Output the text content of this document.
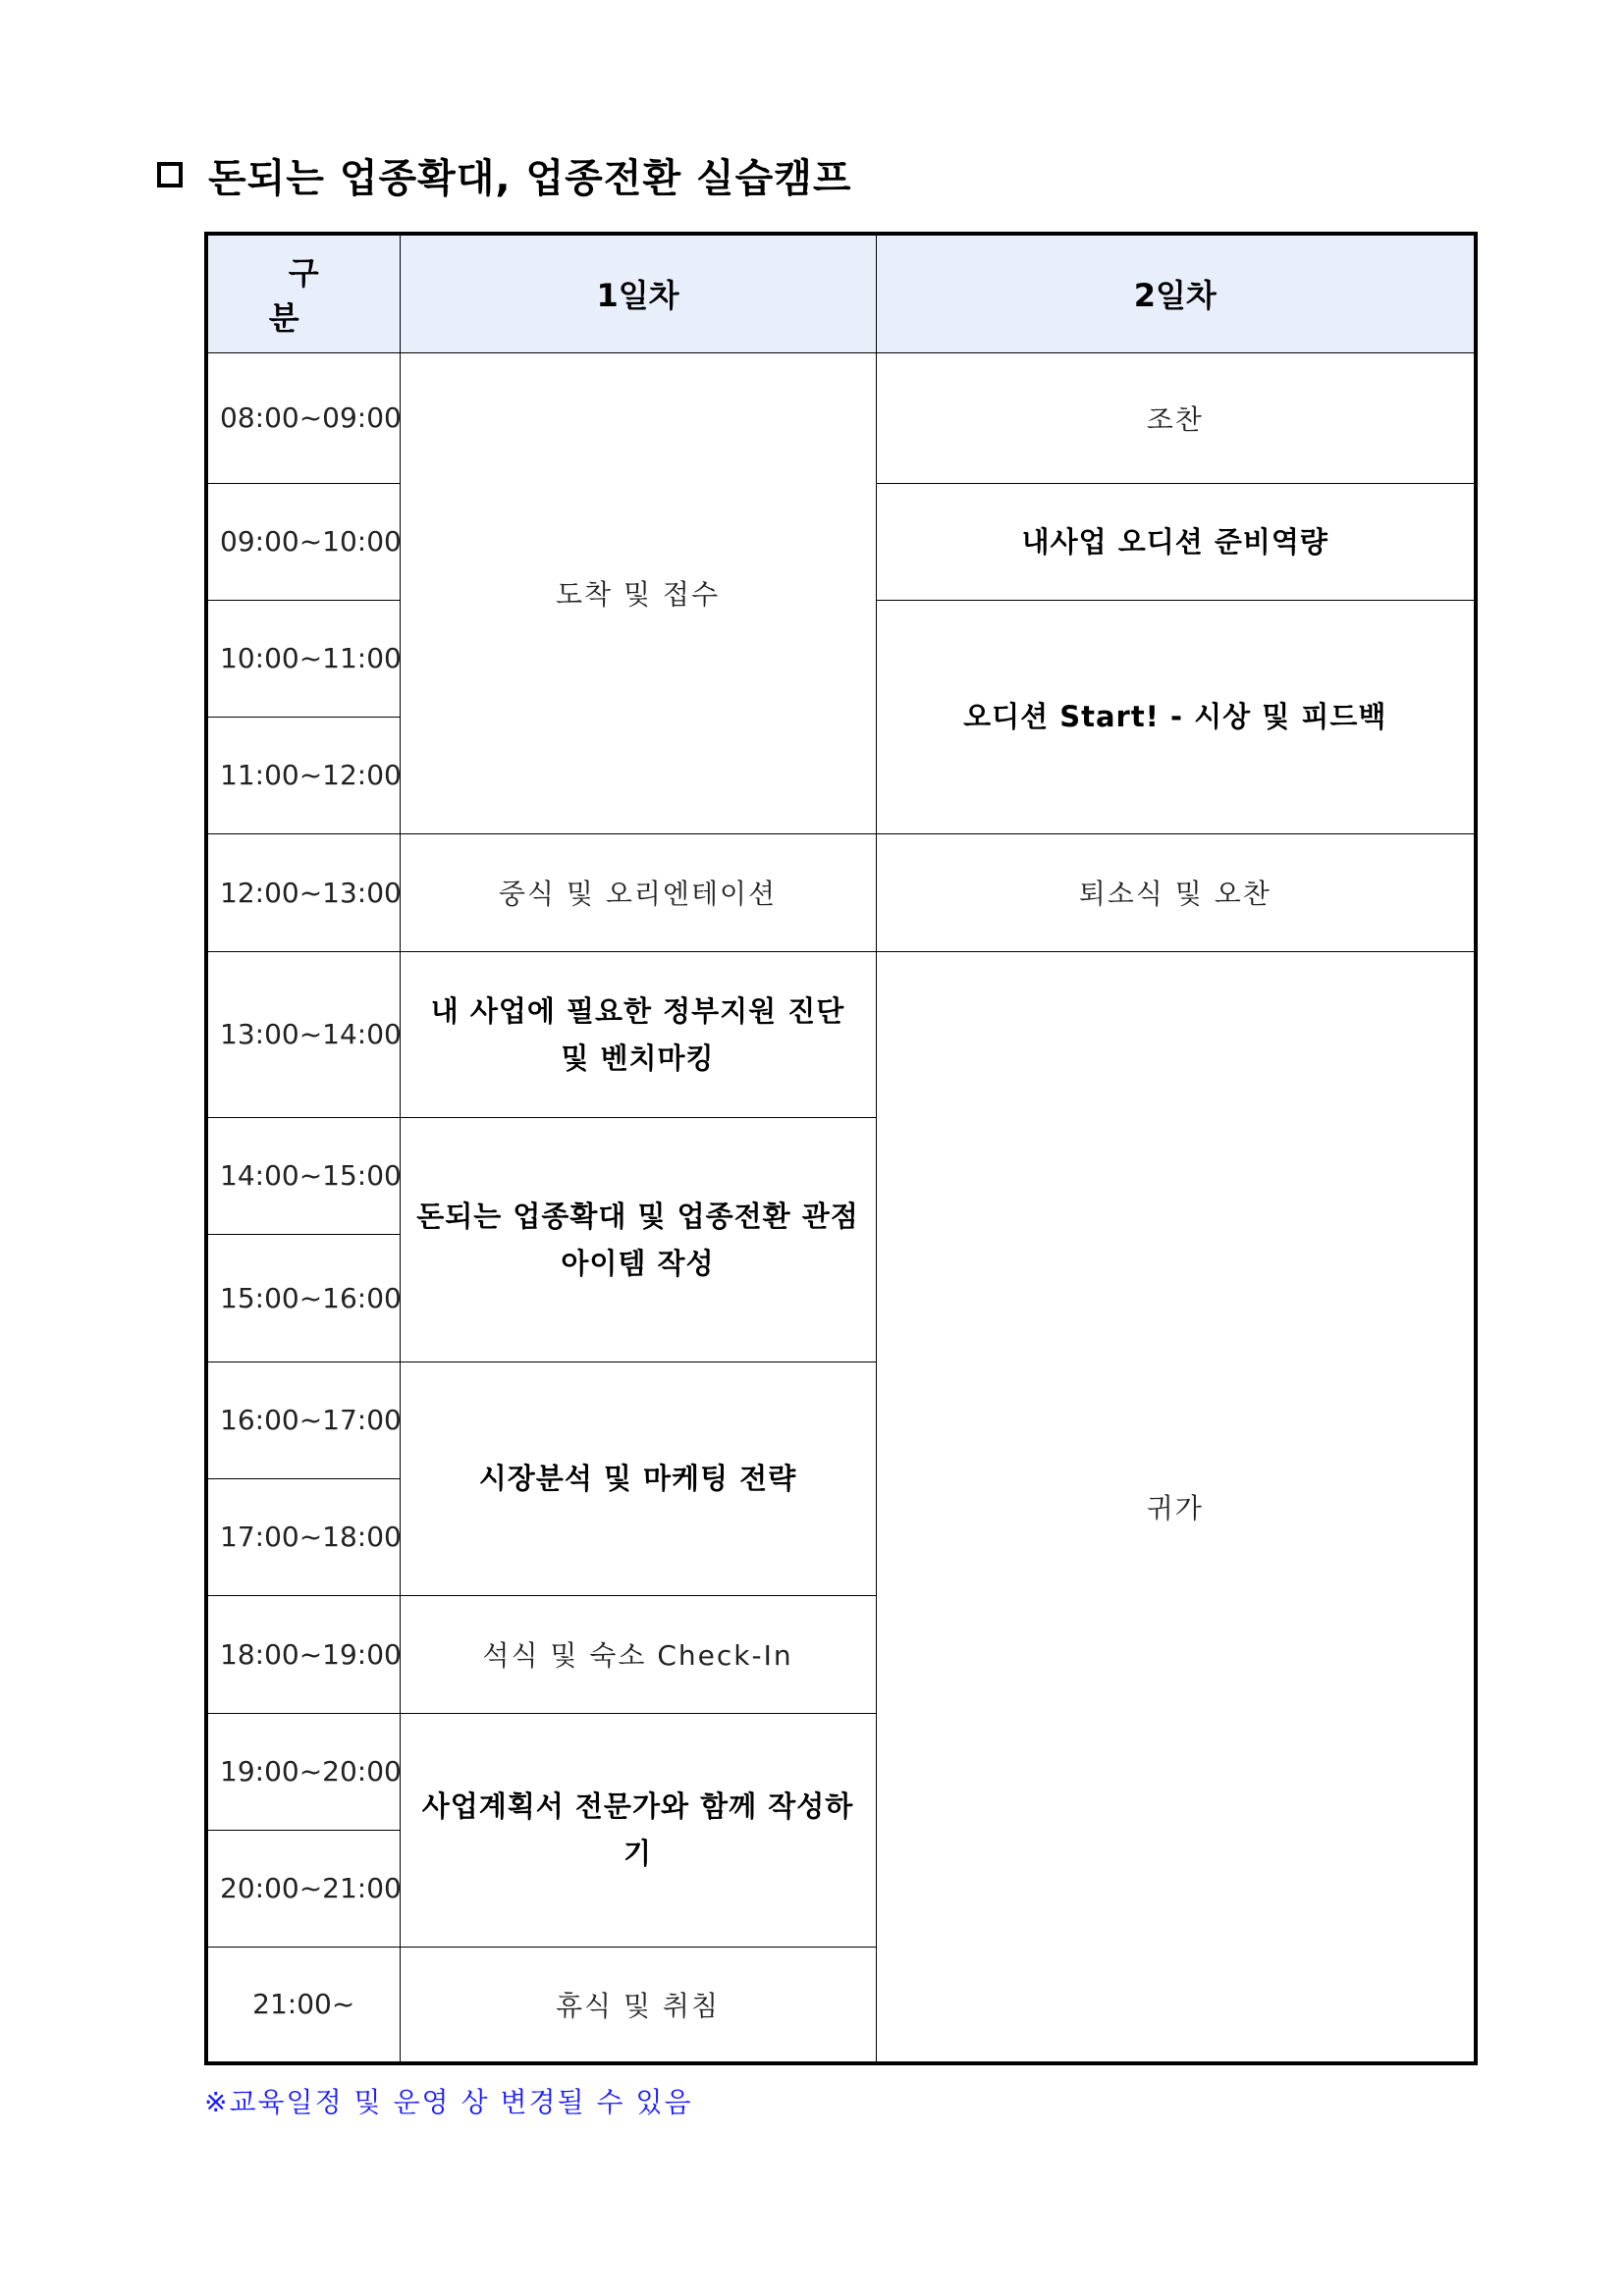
돈되는 업종확대, 업종전환 실습캠프
구 분	1일차	2일차
08:00~09:00	도착 및 접수	조찬
09:00~10:00		내사업 오디션 준비역량
10:00~11:00		오디션 Start! - 시상 및 피드백
11:00~12:00		
12:00~13:00	중식 및 오리엔테이션	퇴소식 및 오찬
13:00~14:00	내 사업에 필요한 정부지원 진단 및 벤치마킹	귀가
14:00~15:00	돈되는 업종확대 및 업종전환 관점 아이템 작성	
15:00~16:00		
16:00~17:00	시장분석 및 마케팅 전략	
17:00~18:00		
18:00~19:00	석식 및 숙소 Check-In	
19:00~20:00	사업계획서 전문가와 함께 작성하기	
20:00~21:00		
21:00~	휴식 및 취침	
※교육일정 및 운영 상 변경될 수 있음
